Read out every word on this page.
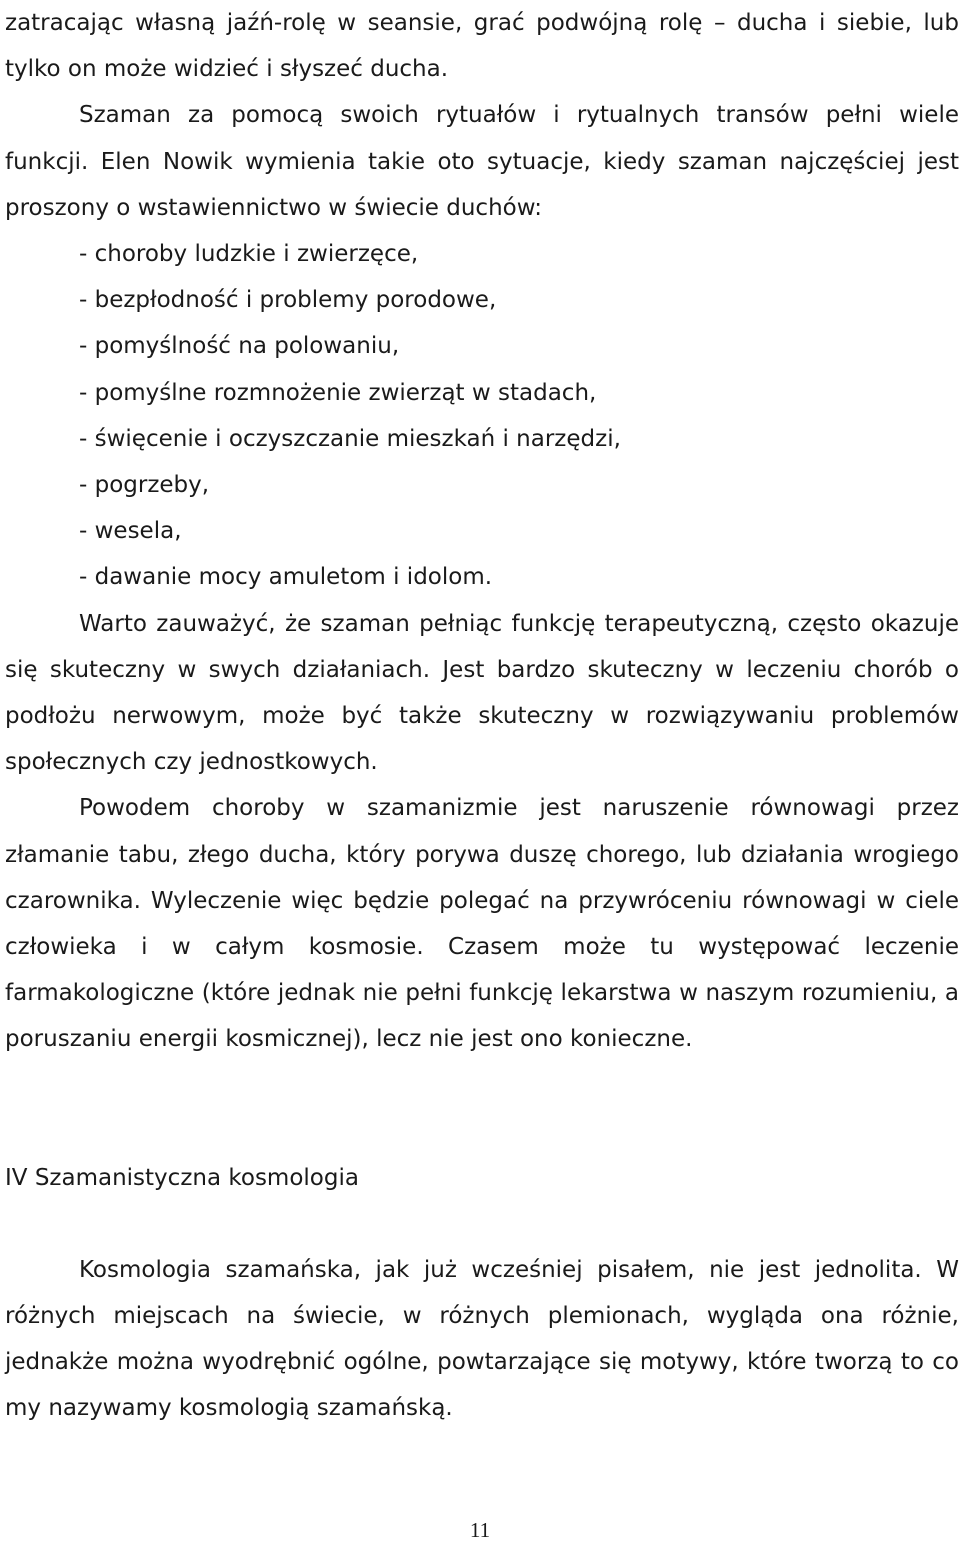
zatracając własną jaźń-rolę w seansie, grać podwójną rolę – ducha i siebie, lub tylko on może widzieć i słyszeć ducha.

Szaman za pomocą swoich rytuałów i rytualnych transów pełni wiele funkcji. Elen Nowik wymienia takie oto sytuacje, kiedy szaman najczęściej jest proszony o wstawiennictwo w świecie duchów:

- choroby ludzkie i zwierzęce,
- bezpłodność i problemy porodowe,
- pomyślność na polowaniu,
- pomyślne rozmnożenie zwierząt w stadach,
- święcenie i oczyszczanie mieszkań i narzędzi,
- pogrzeby,
- wesela,
- dawanie mocy amuletom i idolom.

Warto zauważyć, że szaman pełniąc funkcję terapeutyczną, często okazuje się skuteczny w swych działaniach. Jest bardzo skuteczny w leczeniu chorób o podłożu nerwowym, może być także skuteczny w rozwiązywaniu problemów społecznych czy jednostkowych.

Powodem choroby w szamanizmie jest naruszenie równowagi przez złamanie tabu, złego ducha, który porywa duszę chorego, lub działania wrogiego czarownika. Wyleczenie więc będzie polegać na przywróceniu równowagi w ciele człowieka i w całym kosmosie. Czasem może tu występować leczenie farmakologiczne (które jednak nie pełni funkcję lekarstwa w naszym rozumieniu, a poruszaniu energii kosmicznej), lecz nie jest ono konieczne.

IV Szamanistyczna kosmologia

Kosmologia szamańska, jak już wcześniej pisałem, nie jest jednolita. W różnych miejscach na świecie, w różnych plemionach, wygląda ona różnie, jednakże można wyodrębnić ogólne, powtarzające się motywy, które tworzą to co my nazywamy kosmologią szamańską.

11
